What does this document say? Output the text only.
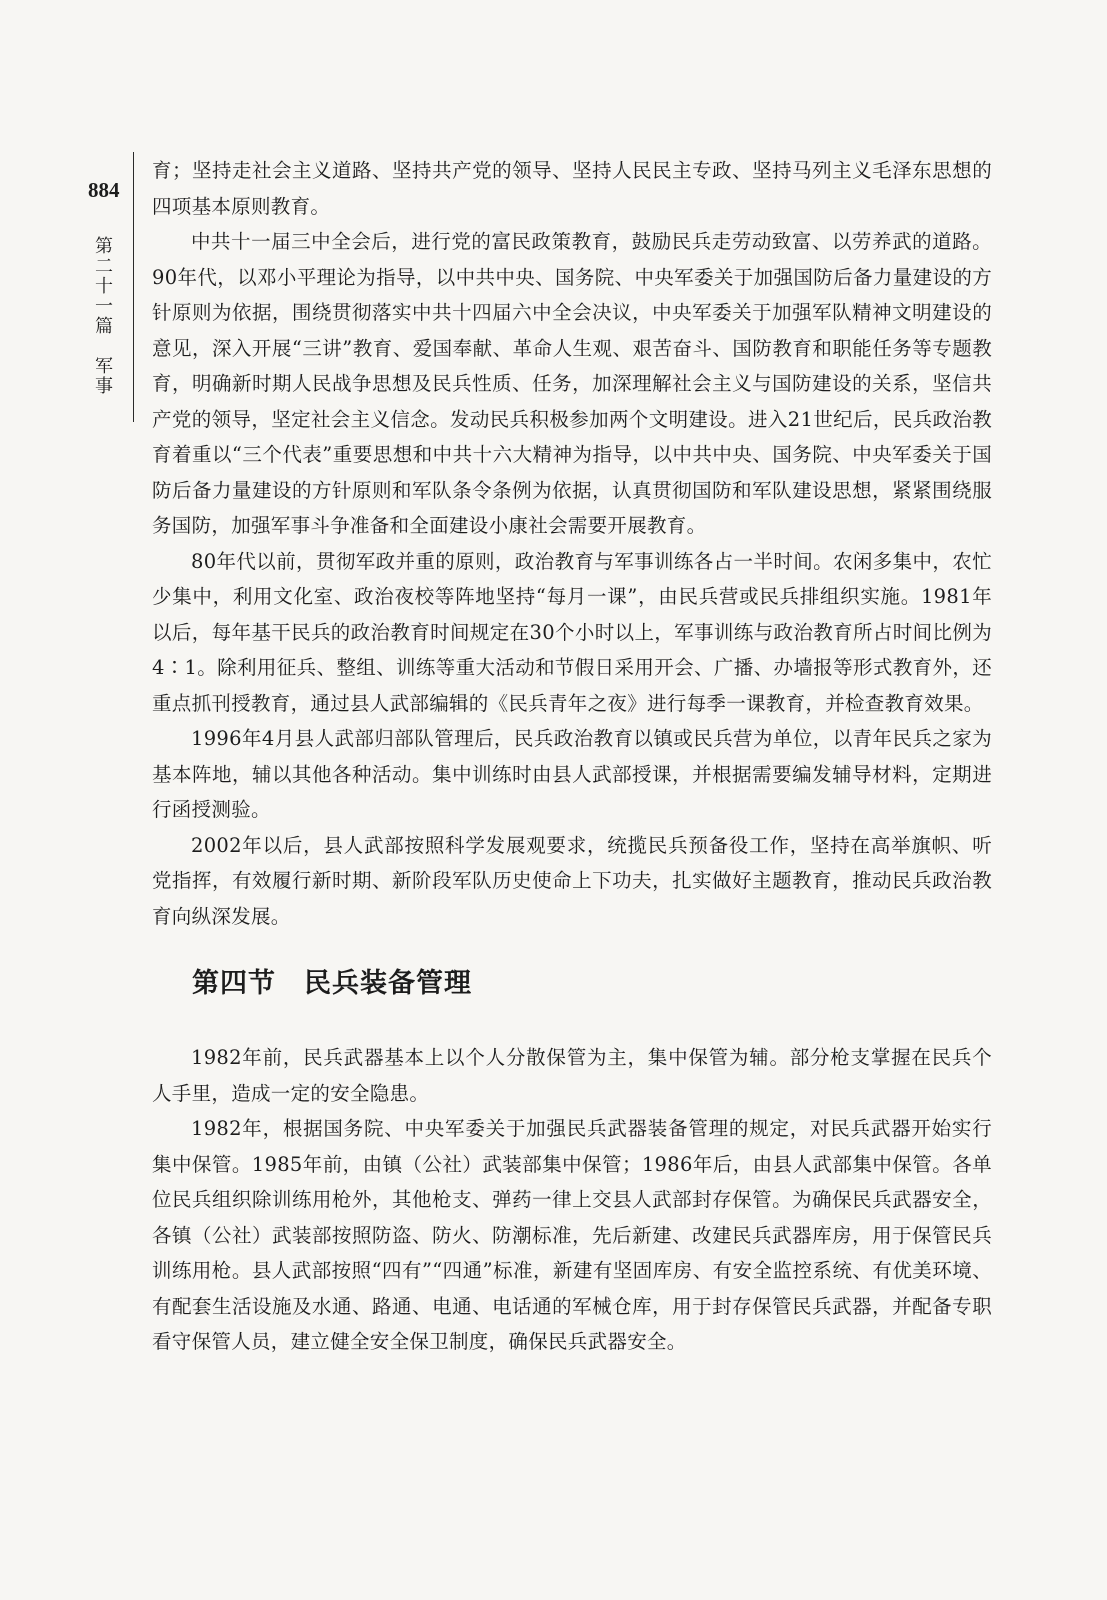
884
第二十一篇　军事

育；坚持走社会主义道路、坚持共产党的领导、坚持人民民主专政、坚持马列主义毛泽东思想的四项基本原则教育。

中共十一届三中全会后，进行党的富民政策教育，鼓励民兵走劳动致富、以劳养武的道路。90年代，以邓小平理论为指导，以中共中央、国务院、中央军委关于加强国防后备力量建设的方针原则为依据，围绕贯彻落实中共十四届六中全会决议，中央军委关于加强军队精神文明建设的意见，深入开展“三讲”教育、爱国奉献、革命人生观、艰苦奋斗、国防教育和职能任务等专题教育，明确新时期人民战争思想及民兵性质、任务，加深理解社会主义与国防建设的关系，坚信共产党的领导，坚定社会主义信念。发动民兵积极参加两个文明建设。进入21世纪后，民兵政治教育着重以“三个代表”重要思想和中共十六大精神为指导，以中共中央、国务院、中央军委关于国防后备力量建设的方针原则和军队条令条例为依据，认真贯彻国防和军队建设思想，紧紧围绕服务国防，加强军事斗争准备和全面建设小康社会需要开展教育。

80年代以前，贯彻军政并重的原则，政治教育与军事训练各占一半时间。农闲多集中，农忙少集中，利用文化室、政治夜校等阵地坚持“每月一课”，由民兵营或民兵排组织实施。1981年以后，每年基干民兵的政治教育时间规定在30个小时以上，军事训练与政治教育所占时间比例为4∶1。除利用征兵、整组、训练等重大活动和节假日采用开会、广播、办墙报等形式教育外，还重点抓刊授教育，通过县人武部编辑的《民兵青年之夜》进行每季一课教育，并检查教育效果。

1996年4月县人武部归部队管理后，民兵政治教育以镇或民兵营为单位，以青年民兵之家为基本阵地，辅以其他各种活动。集中训练时由县人武部授课，并根据需要编发辅导材料，定期进行函授测验。

2002年以后，县人武部按照科学发展观要求，统揽民兵预备役工作，坚持在高举旗帜、听党指挥，有效履行新时期、新阶段军队历史使命上下功夫，扎实做好主题教育，推动民兵政治教育向纵深发展。

第四节　民兵装备管理

1982年前，民兵武器基本上以个人分散保管为主，集中保管为辅。部分枪支掌握在民兵个人手里，造成一定的安全隐患。

1982年，根据国务院、中央军委关于加强民兵武器装备管理的规定，对民兵武器开始实行集中保管。1985年前，由镇（公社）武装部集中保管；1986年后，由县人武部集中保管。各单位民兵组织除训练用枪外，其他枪支、弹药一律上交县人武部封存保管。为确保民兵武器安全，各镇（公社）武装部按照防盗、防火、防潮标准，先后新建、改建民兵武器库房，用于保管民兵训练用枪。县人武部按照“四有”“四通”标准，新建有坚固库房、有安全监控系统、有优美环境、有配套生活设施及水通、路通、电通、电话通的军械仓库，用于封存保管民兵武器，并配备专职看守保管人员，建立健全安全保卫制度，确保民兵武器安全。
